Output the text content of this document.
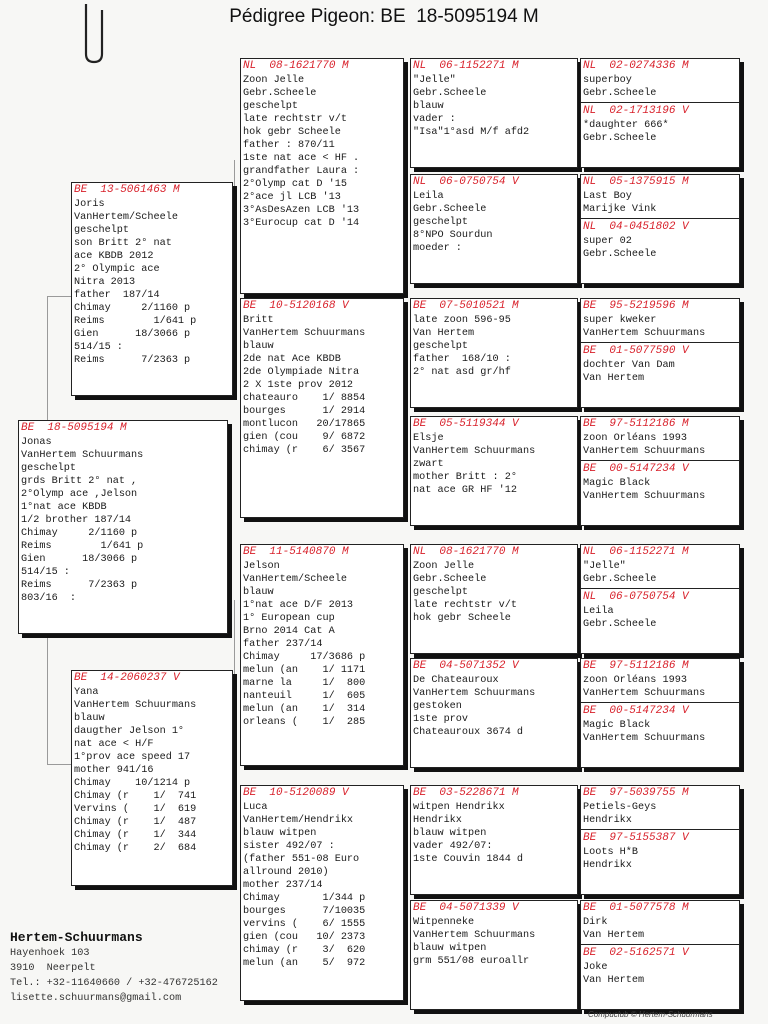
Pédigree Pigeon: BE  18-5095194 M
BE  18-5095194 M
Jonas
VanHertem Schuurmans
geschelpt
grds Britt 2° nat ,
2°Olymp ace ,Jelson
1°nat ace KBDB
1/2 brother 187/14
Chimay     2/1160 p
Reims        1/641 p
Gien      18/3066 p
514/15 :
Reims      7/2363 p
803/16  :
BE  13-5061463 M
Joris
VanHertem/Scheele
geschelpt
son Britt 2° nat
ace KBDB 2012
2° Olympic ace
Nitra 2013
father  187/14
Chimay     2/1160 p
Reims        1/641 p
Gien      18/3066 p
514/15 :
Reims      7/2363 p
BE  14-2060237 V
Yana
VanHertem Schuurmans
blauw
daugther Jelson 1°
nat ace < H/F
1°prov ace speed 17
mother 941/16
Chimay    10/1214 p
Chimay (r    1/  741
Vervins (    1/  619
Chimay (r    1/  487
Chimay (r    1/  344
Chimay (r    2/  684
NL  08-1621770 M
Zoon Jelle
Gebr.Scheele
geschelpt
late rechtstr v/t
hok gebr Scheele
father : 870/11
1ste nat ace < HF .
grandfather Laura :
2°Olymp cat D '15
2°ace jl LCB '13
3°AsDesAzen LCB '13
3°Eurocup cat D '14
BE  10-5120168 V
Britt
VanHertem Schuurmans
blauw
2de nat Ace KBDB
2de Olympiade Nitra
2 X 1ste prov 2012
chateauro    1/ 8854
bourges      1/ 2914
montlucon   20/17865
gien (cou    9/ 6872
chimay (r    6/ 3567
BE  11-5140870 M
Jelson
VanHertem/Scheele
blauw
1°nat ace D/F 2013
1° European cup
Brno 2014 Cat A
father 237/14
Chimay     17/3686 p
melun (an    1/ 1171
marne la     1/  800
nanteuil     1/  605
melun (an    1/  314
orleans (    1/  285
BE  10-5120089 V
Luca
VanHertem/Hendrikx
blauw witpen
sister 492/07 :
(father 551-08 Euro
allround 2010)
mother 237/14
Chimay       1/344 p
bourges      7/10035
vervins (    6/ 1555
gien (cou   10/ 2373
chimay (r    3/  620
melun (an    5/  972
NL  06-1152271 M
"Jelle"
Gebr.Scheele
blauw
vader :
"Isa"1°asd M/f afd2
NL  06-0750754 V
Leila
Gebr.Scheele
geschelpt
8°NPO Sourdun
moeder :
BE  07-5010521 M
late zoon 596-95
Van Hertem
geschelpt
father  168/10 :
2° nat asd gr/hf
BE  05-5119344 V
Elsje
VanHertem Schuurmans
zwart
mother Britt : 2°
nat ace GR HF '12
NL  08-1621770 M
Zoon Jelle
Gebr.Scheele
geschelpt
late rechtstr v/t
hok gebr Scheele
BE  04-5071352 V
De Chateauroux
VanHertem Schuurmans
gestoken
1ste prov
Chateauroux 3674 d
BE  03-5228671 M
witpen Hendrikx
Hendrikx
blauw witpen
vader 492/07:
1ste Couvin 1844 d
BE  04-5071339 V
Witpenneke
VanHertem Schuurmans
blauw witpen
grm 551/08 euroallr
NL  02-0274336 M
superboy
Gebr.Scheele
NL  02-1713196 V
*daughter 666*
Gebr.Scheele
NL  05-1375915 M
Last Boy
Marijke Vink
NL  04-0451802 V
super 02
Gebr.Scheele
BE  95-5219596 M
super kweker
VanHertem Schuurmans
BE  01-5077590 V
dochter Van Dam
Van Hertem
BE  97-5112186 M
zoon Orléans 1993
VanHertem Schuurmans
BE  00-5147234 V
Magic Black
VanHertem Schuurmans
NL  06-1152271 M
"Jelle"
Gebr.Scheele
NL  06-0750754 V
Leila
Gebr.Scheele
BE  97-5112186 M
zoon Orléans 1993
VanHertem Schuurmans
BE  00-5147234 V
Magic Black
VanHertem Schuurmans
BE  97-5039755 M
Petiels-Geys
Hendrikx
BE  97-5155387 V
Loots H*B
Hendrikx
BE  01-5077578 M
Dirk
Van Hertem
BE  02-5162571 V
Joke
Van Hertem
Hertem-Schuurmans
Hayenhoek 103
3910  Neerpelt
Tel.: +32-11640660 / +32-476725162
lisette.schuurmans@gmail.com
Compuclub © Hertem-Schuurmans
